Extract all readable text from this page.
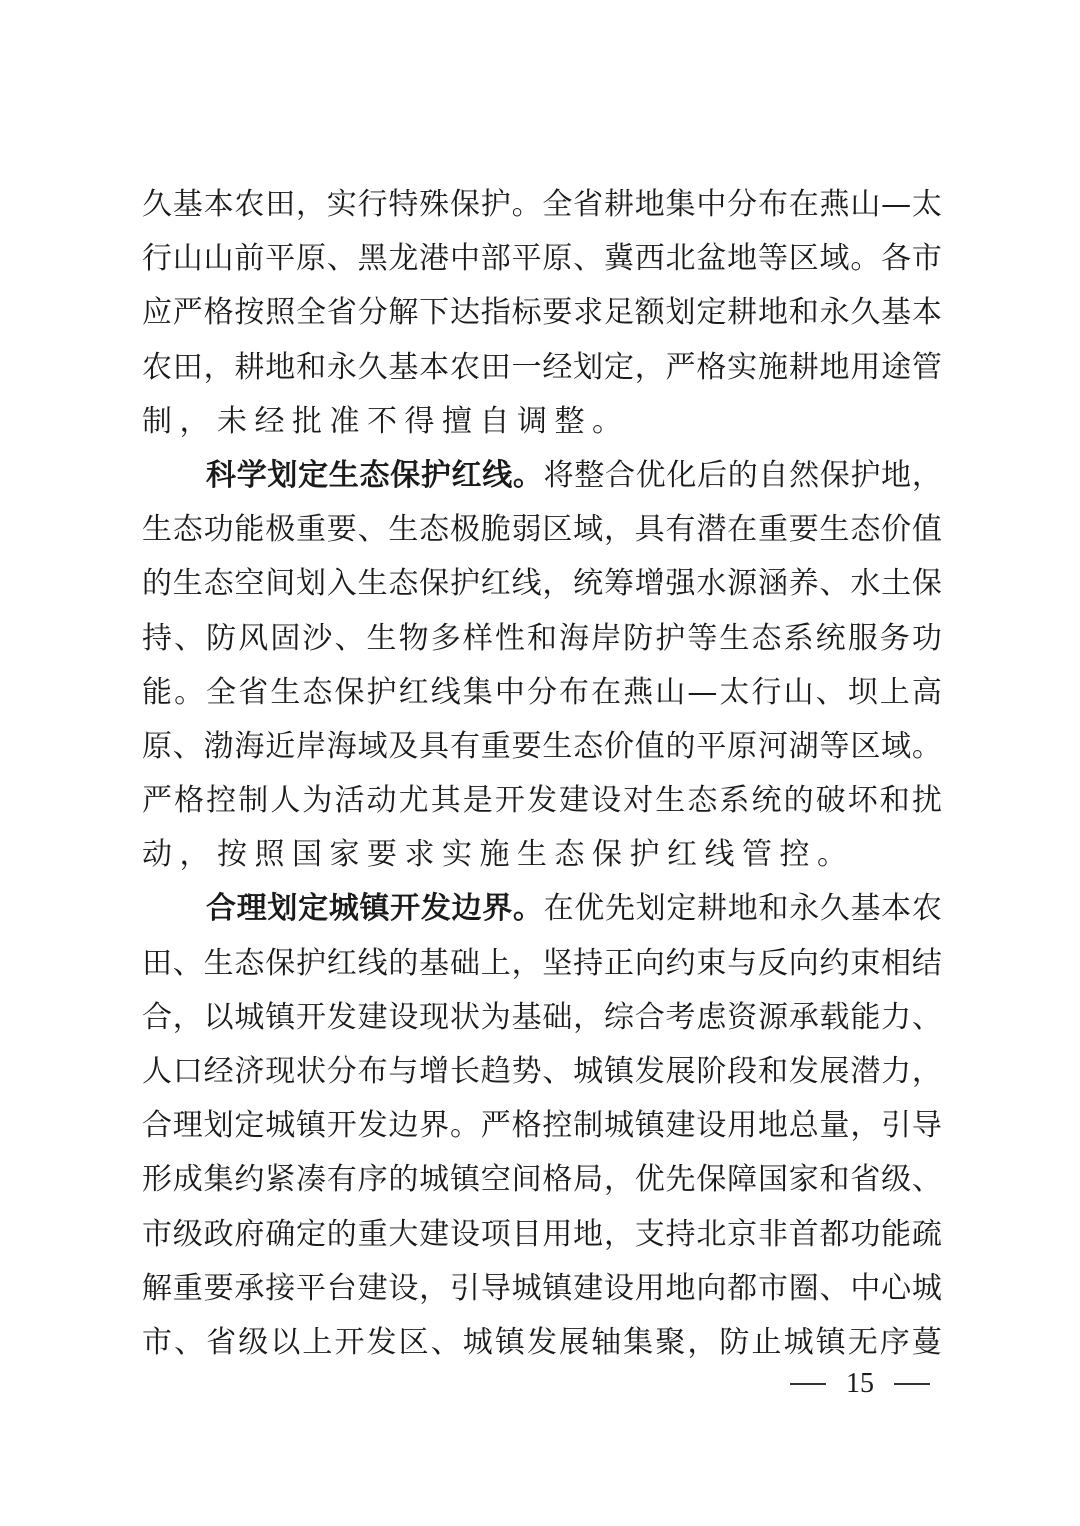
久 基 本 农 田 ， 实 行 特 殊 保 护 。 全 省 耕 地 集 中 分 布 在 燕 山 — 太
行 山 山 前 平 原 、 黑 龙 港 中 部 平 原 、 冀 西 北 盆 地 等 区 域 。 各 市
应 严 格 按 照 全 省 分 解 下 达 指 标 要 求 足 额 划 定 耕 地 和 永 久 基 本
农 田 ， 耕 地 和 永 久 基 本 农 田 一 经 划 定 ， 严 格 实 施 耕 地 用 途 管
制 ， 未 经 批 准 不 得 擅 自 调 整 。
科 学 划 定 生 态 保 护 红 线 。 将 整 合 优 化 后 的 自 然 保 护 地 ，
生 态 功 能 极 重 要 、 生 态 极 脆 弱 区 域 ， 具 有 潜 在 重 要 生 态 价 值
的 生 态 空 间 划 入 生 态 保 护 红 线 ， 统 筹 增 强 水 源 涵 养 、 水 土 保
持 、 防 风 固 沙 、 生 物 多 样 性 和 海 岸 防 护 等 生 态 系 统 服 务 功
能 。 全 省 生 态 保 护 红 线 集 中 分 布 在 燕 山 — 太 行 山 、 坝 上 高
原 、 渤 海 近 岸 海 域 及 具 有 重 要 生 态 价 值 的 平 原 河 湖 等 区 域 。
严 格 控 制 人 为 活 动 尤 其 是 开 发 建 设 对 生 态 系 统 的 破 坏 和 扰
动 ， 按 照 国 家 要 求 实 施 生 态 保 护 红 线 管 控 。
合 理 划 定 城 镇 开 发 边 界 。 在 优 先 划 定 耕 地 和 永 久 基 本 农
田 、 生 态 保 护 红 线 的 基 础 上 ， 坚 持 正 向 约 束 与 反 向 约 束 相 结
合 ， 以 城 镇 开 发 建 设 现 状 为 基 础 ， 综 合 考 虑 资 源 承 载 能 力 、
人 口 经 济 现 状 分 布 与 增 长 趋 势 、 城 镇 发 展 阶 段 和 发 展 潜 力 ，
合 理 划 定 城 镇 开 发 边 界 。 严 格 控 制 城 镇 建 设 用 地 总 量 ， 引 导
形 成 集 约 紧 凑 有 序 的 城 镇 空 间 格 局 ， 优 先 保 障 国 家 和 省 级 、
市 级 政 府 确 定 的 重 大 建 设 项 目 用 地 ， 支 持 北 京 非 首 都 功 能 疏
解 重 要 承 接 平 台 建 设 ， 引 导 城 镇 建 设 用 地 向 都 市 圈 、 中 心 城
市 、 省 级 以 上 开 发 区 、 城 镇 发 展 轴 集 聚 ， 防 止 城 镇 无 序 蔓
15
